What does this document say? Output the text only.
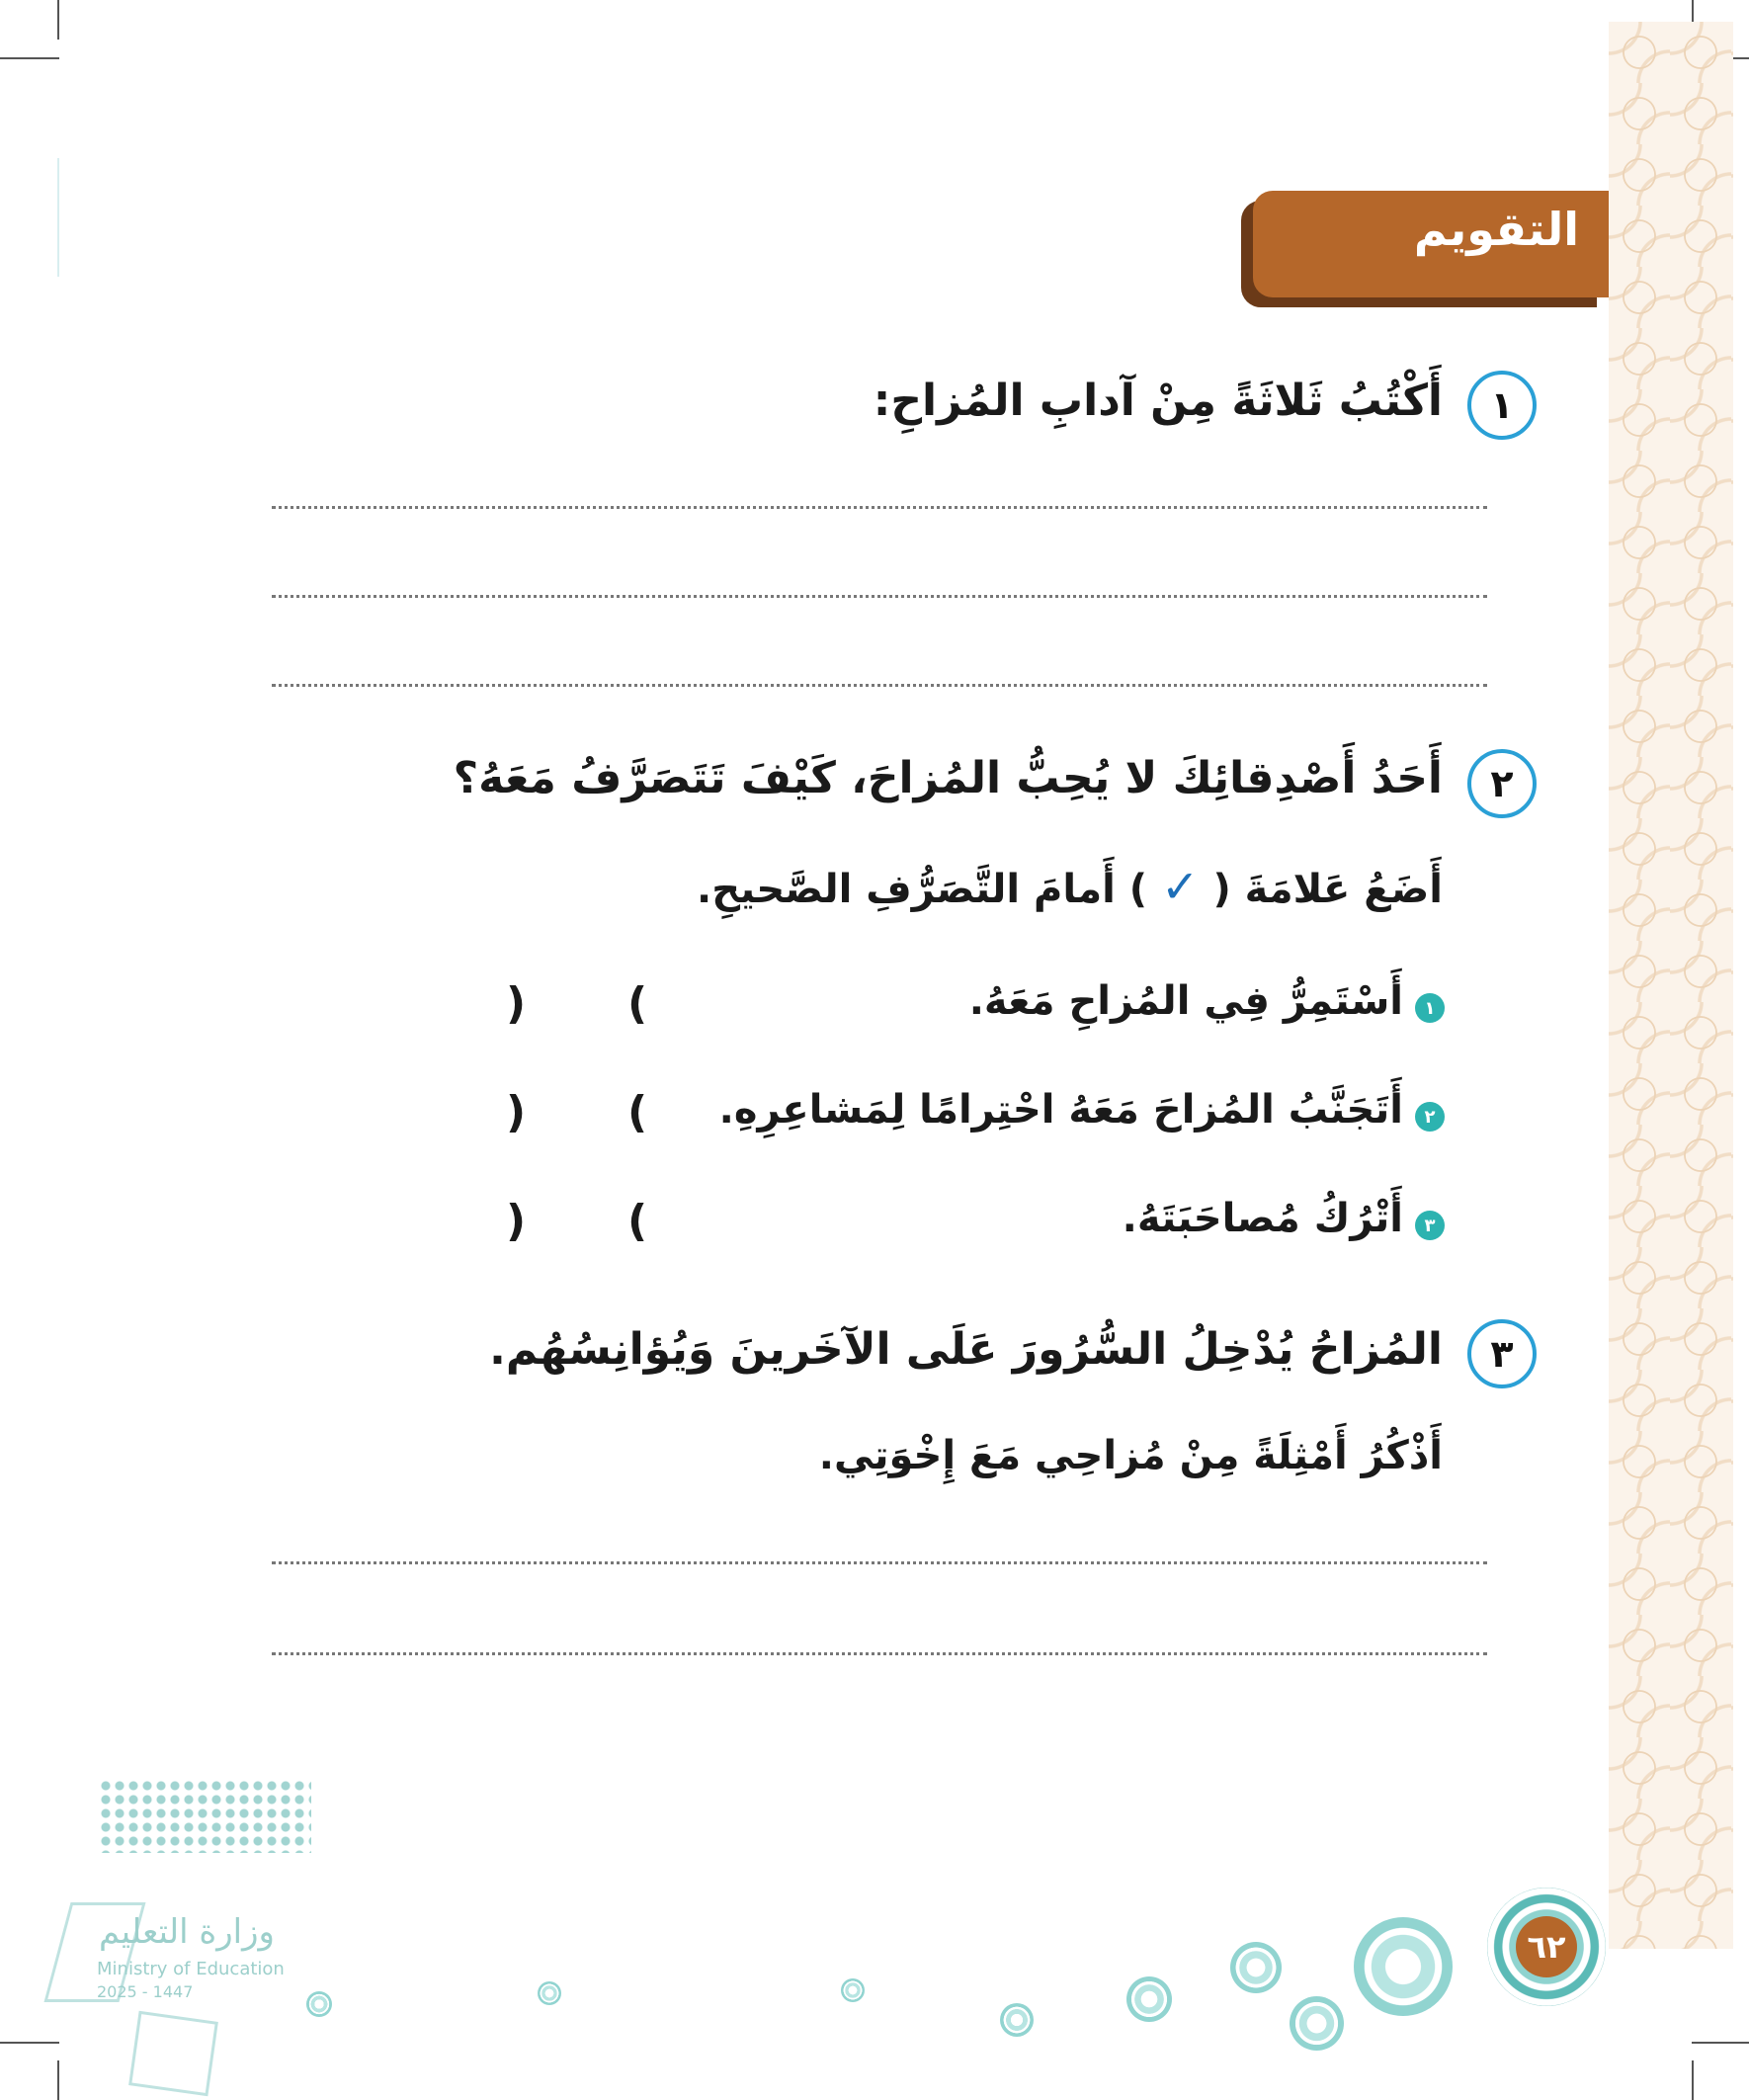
التقويم
١
أَكْتُبُ ثَلاثَةً مِنْ آدابِ المُزاحِ:
٢
أَحَدُ أَصْدِقائِكَ لا يُحِبُّ المُزاحَ، كَيْفَ تَتَصَرَّفُ مَعَهُ؟
أَضَعُ عَلامَةَ ( ✓ ) أَمامَ التَّصَرُّفِ الصَّحيحِ.
١
أَسْتَمِرُّ فِي المُزاحِ مَعَهُ.
(
)
٢
أَتَجَنَّبُ المُزاحَ مَعَهُ احْتِرامًا لِمَشاعِرِهِ.
(
)
٣
أَتْرُكُ مُصاحَبَتَهُ.
(
)
٣
المُزاحُ يُدْخِلُ السُّرُورَ عَلَى الآخَرينَ وَيُؤانِسُهُم.
أَذْكُرُ أَمْثِلَةً مِنْ مُزاحِي مَعَ إِخْوَتِي.
وزارة التعليم
Ministry of Education
2025 - 1447
٦٢
